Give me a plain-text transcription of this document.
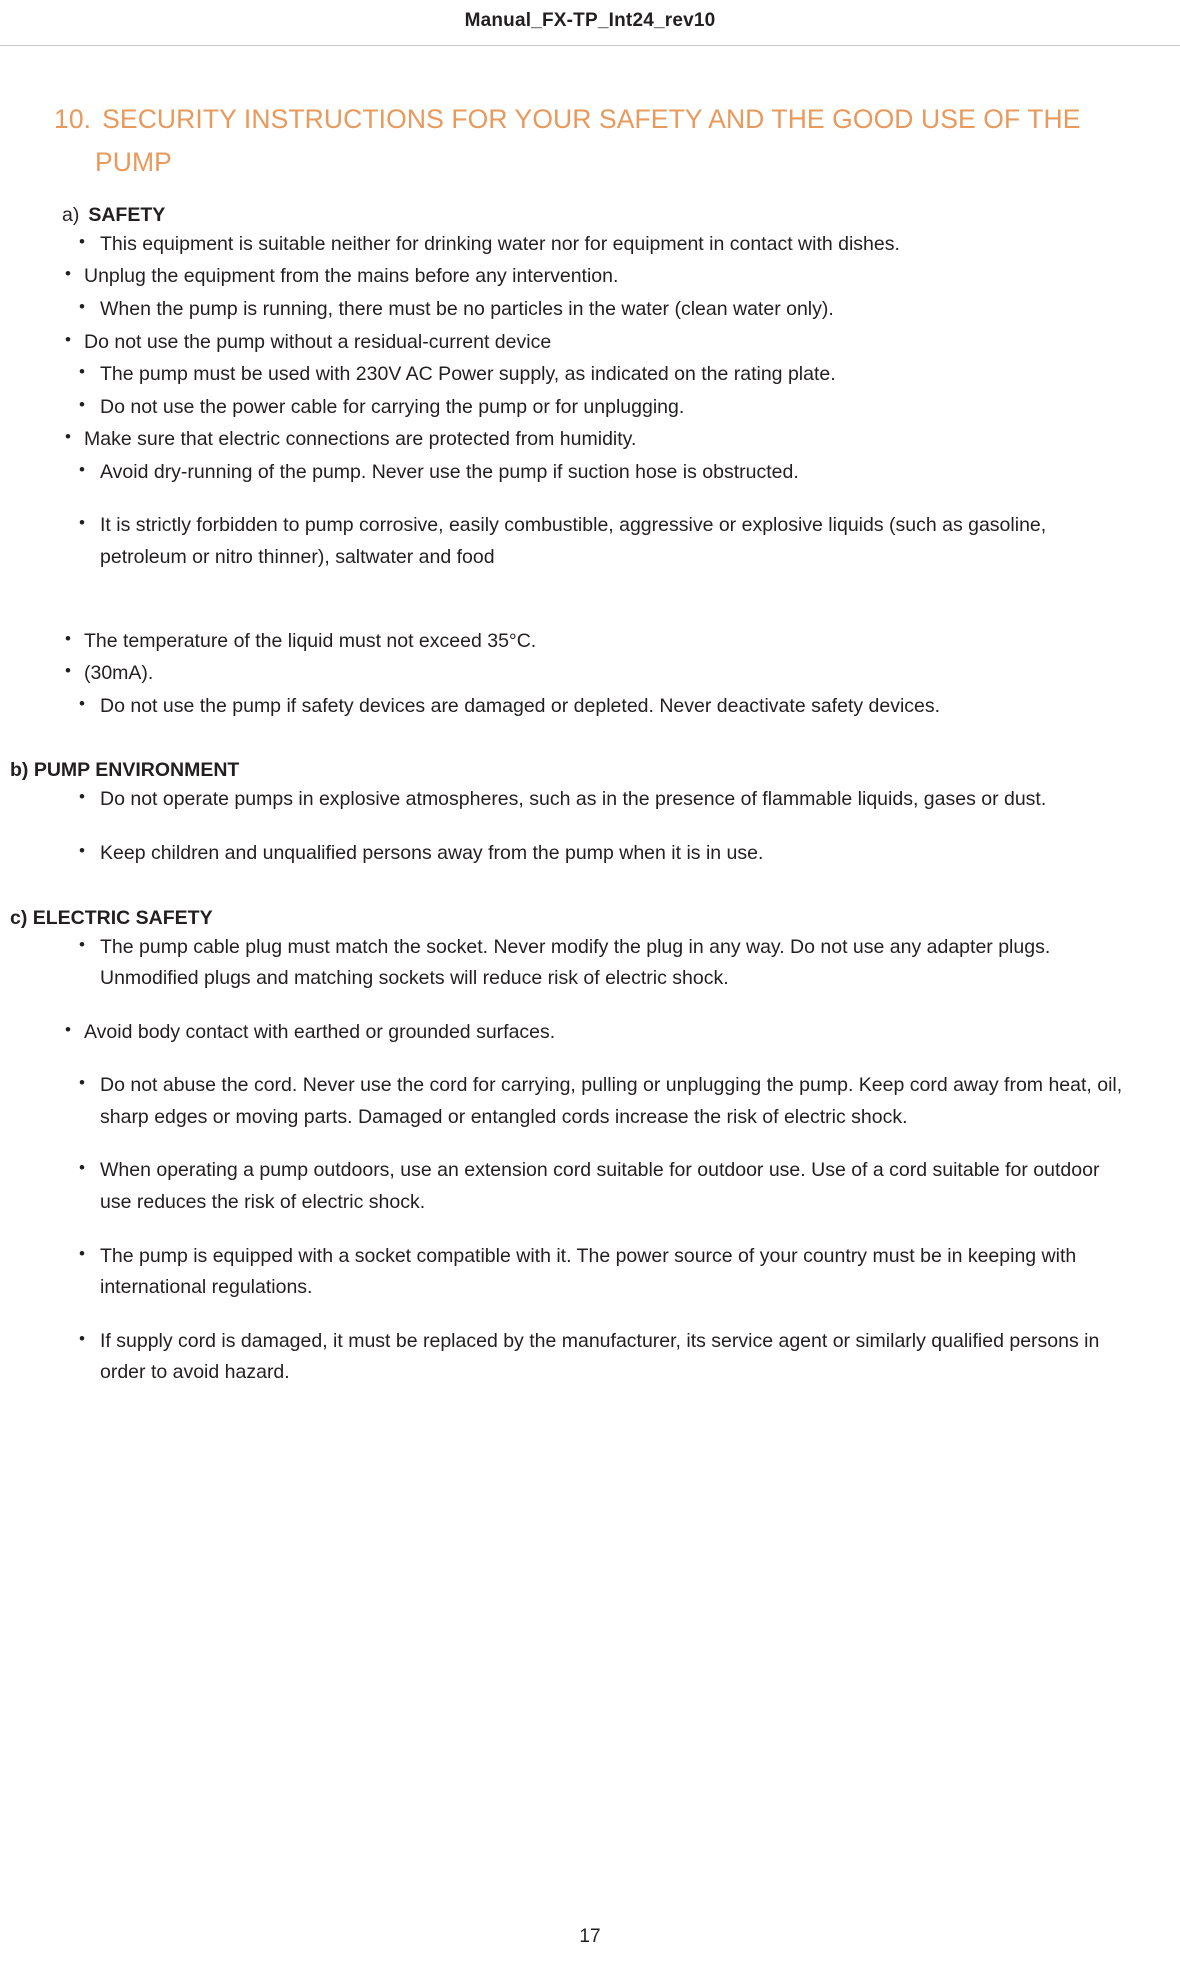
Manual_FX-TP_Int24_rev10
10. SECURITY INSTRUCTIONS FOR YOUR SAFETY AND THE GOOD USE OF THE
PUMP
a) SAFETY
• This equipment is suitable neither for drinking water nor for equipment in contact with dishes.
• Unplug the equipment from the mains before any intervention.
• When the pump is running, there must be no particles in the water (clean water only).
• Do not use the pump without a residual-current device
• The pump must be used with 230V AC Power supply, as indicated on the rating plate.
• Do not use the power cable for carrying the pump or for unplugging.
• Make sure that electric connections are protected from humidity.
• Avoid dry-running of the pump. Never use the pump if suction hose is obstructed.
• It is strictly forbidden to pump corrosive, easily combustible, aggressive or explosive liquids (such as gasoline, petroleum or nitro thinner), saltwater and food
• The temperature of the liquid must not exceed 35°C.
• (30mA).
• Do not use the pump if safety devices are damaged or depleted. Never deactivate safety devices.
b) PUMP ENVIRONMENT
• Do not operate pumps in explosive atmospheres, such as in the presence of flammable liquids, gases or dust.
• Keep children and unqualified persons away from the pump when it is in use.
c) ELECTRIC SAFETY
• The pump cable plug must match the socket. Never modify the plug in any way. Do not use any adapter plugs. Unmodified plugs and matching sockets will reduce risk of electric shock.
• Avoid body contact with earthed or grounded surfaces.
• Do not abuse the cord. Never use the cord for carrying, pulling or unplugging the pump. Keep cord away from heat, oil, sharp edges or moving parts. Damaged or entangled cords increase the risk of electric shock.
• When operating a pump outdoors, use an extension cord suitable for outdoor use. Use of a cord suitable for outdoor use reduces the risk of electric shock.
• The pump is equipped with a socket compatible with it. The power source of your country must be in keeping with international regulations.
• If supply cord is damaged, it must be replaced by the manufacturer, its service agent or similarly qualified persons in order to avoid hazard.
17
